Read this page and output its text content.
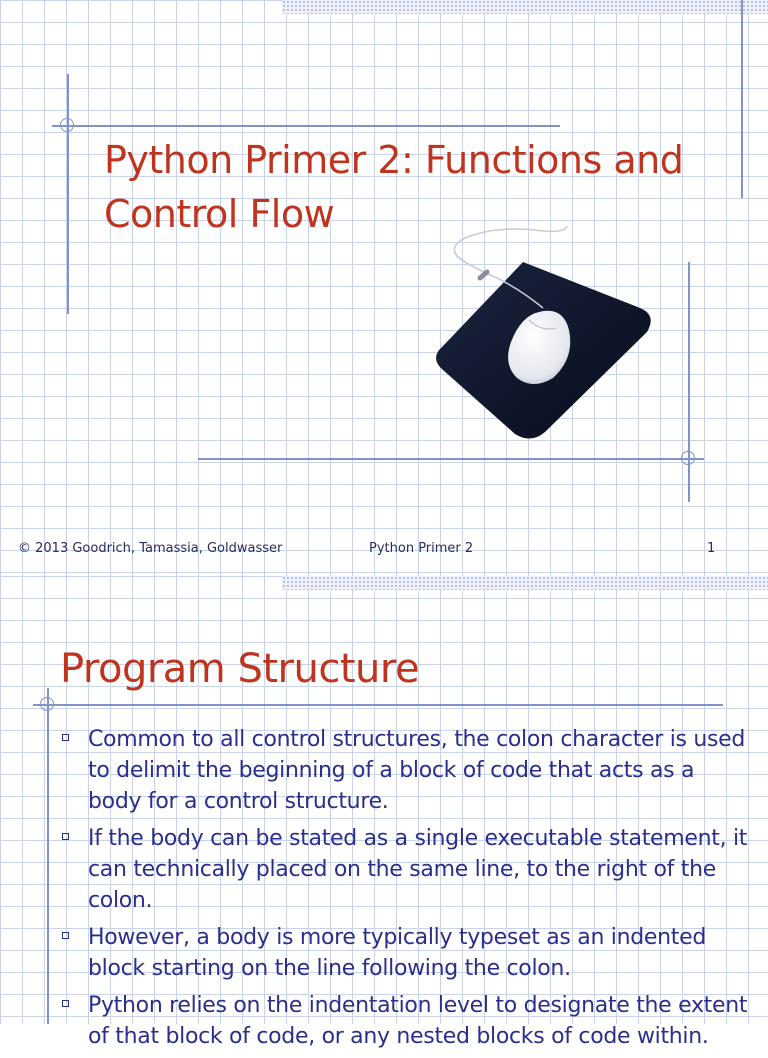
Python Primer 2: Functions and Control Flow
© 2013 Goodrich, Tamassia, Goldwasser	Python Primer 2	1
Program Structure
Common to all control structures, the colon character is used to delimit the beginning of a block of code that acts as a body for a control structure.
If the body can be stated as a single executable statement, it can technically placed on the same line, to the right of the colon.
However, a body is more typically typeset as an indented block starting on the line following the colon.
Python relies on the indentation level to designate the extent of that block of code, or any nested blocks of code within.
